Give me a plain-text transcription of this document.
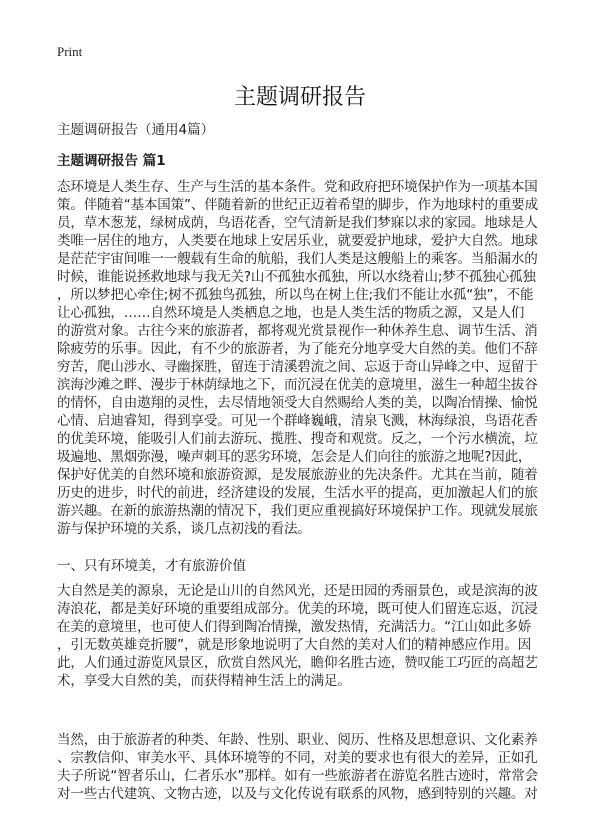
Print
主题调研报告
主题调研报告（通用4篇）
主题调研报告 篇1
态环境是人类生存、生产与生活的基本条件。党和政府把环境保护作为一项基本国
策。伴随着“基本国策”、伴随着新的世纪正迈着希望的脚步，作为地球村的重要成
员，草木葱茏，绿树成荫，鸟语花香，空气清新是我们梦寐以求的家园。地球是人
类唯一居住的地方，人类要在地球上安居乐业，就要爱护地球，爱护大自然。地球
是茫茫宇宙间唯一一艘载有生命的航船，我们人类是这艘船上的乘客。当船漏水的
时候，谁能说拯救地球与我无关?山不孤独水孤独，所以水绕着山;梦不孤独心孤独
，所以梦把心牵住;树不孤独鸟孤独，所以鸟在树上住;我们不能让水孤“独”，不能
让心孤独，……自然环境是人类栖息之地，也是人类生活的物质之源，又是人们
的游赏对象。古往今来的旅游者，都将观光赏景视作一种休养生息、调节生活、消
除疲劳的乐事。因此，有不少的旅游者，为了能充分地享受大自然的美。他们不辞
穷苦，爬山涉水、寻幽探胜，留连于清溪碧流之间、忘返于奇山异峰之中、逗留于
滨海沙滩之畔、漫步于林荫绿地之下，而沉浸在优美的意境里，滋生一种超尘拔谷
的情怀，自由遨翔的灵性，去尽情地领受大自然赐给人类的美，以陶冶情操、愉悦
心情、启迪睿知，得到享受。可见一个群峰巍峨，清泉飞溅，林海绿浪，鸟语花香
的优美环境，能吸引人们前去游玩、揽胜、搜奇和观赏。反之，一个污水横流，垃
圾遍地、黑烟弥漫，噪声刺耳的恶劣环境，怎会是人们向往的旅游之地呢?因此，
保护好优美的自然环境和旅游资源，是发展旅游业的先决条件。尤其在当前，随着
历史的进步，时代的前进，经济建设的发展，生活水平的提高，更加激起人们的旅
游兴趣。在新的旅游热潮的情况下，我们更应重视搞好环境保护工作。现就发展旅
游与保护环境的关系，谈几点初浅的看法。
一、只有环境美，才有旅游价值
大自然是美的源泉，无论是山川的自然风光，还是田园的秀丽景色，或是滨海的波
涛浪花，都是美好环境的重要组成部分。优美的环境，既可使人们留连忘返，沉浸
在美的意境里，也可使人们得到陶冶情操，激发热情，充满活力。“江山如此多娇
，引无数英雄竞折腰”，就是形象地说明了大自然的美对人们的精神感应作用。因
此，人们通过游览风景区，欣赏自然风光，瞻仰名胜古迹，赞叹能工巧匠的高超艺
术，享受大自然的美，而获得精神生活上的满足。
当然，由于旅游者的种类、年龄、性别、职业、阅历、性格及思想意识、文化素养
、宗教信仰、审美水平、具体环境等的不同，对美的要求也有很大的差异，正如孔
夫子所说“智者乐山，仁者乐水”那样。如有一些旅游者在游览名胜古迹时，常常会
对一些古代建筑、文物古迹，以及与文化传说有联系的风物，感到特别的兴趣。对
